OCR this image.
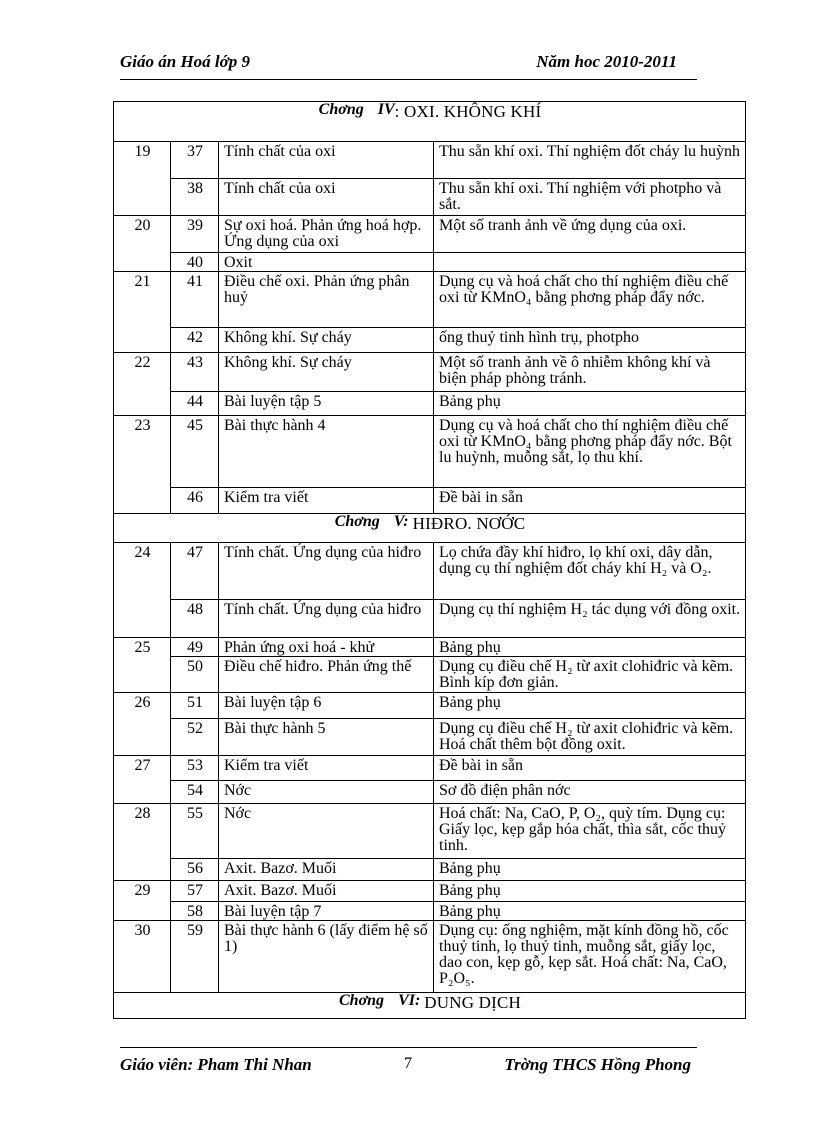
Giáo án Hoá lớp 9	Năm hoc 2010-2011
Chơng IV: OXI. KHÔNG KHÍ			
19	37	Tính chất của oxi	Thu sẵn khí oxi. Thí nghiệm đốt cháy lu huỳnh
	38	Tính chất của oxi	Thu sẵn khí oxi. Thí nghiệm với photpho và sắt.
20	39	Sự oxi hoá. Phản ứng hoá hợp. Ứng dụng của oxi	Một số tranh ảnh về ứng dụng của oxi.
	40	Oxit	
21	41	Điều chế oxi. Phản ứng phân huỷ	Dụng cụ và hoá chất cho thí nghiệm điều chế oxi từ KMnO₄ bằng phơng pháp đẩy nớc.
	42	Không khí. Sự cháy	ống thuỷ tinh hình trụ, photpho
22	43	Không khí. Sự cháy	Một số tranh ảnh về ô nhiễm không khí và biện pháp phòng tránh.
	44	Bài luyện tập 5	Bảng phụ
23	45	Bài thực hành 4	Dụng cụ và hoá chất cho thí nghiệm điều chế oxi từ KMnO₄ bằng phơng pháp đẩy nớc. Bột lu huỳnh, muỗng sắt, lọ thu khí.
	46	Kiểm tra viết	Đề bài in sẵn
Chơng V: HIĐRO. NƠỚC			
24	47	Tính chất. Ứng dụng của hiđro	Lọ chứa đầy khí hiđro, lọ khí oxi, dây dẫn, dụng cụ thí nghiệm đốt cháy khí H₂ và O₂.
	48	Tính chất. Ứng dụng của hiđro	Dụng cụ thí nghiệm H₂ tác dụng với đồng oxit.
25	49	Phản ứng oxi hoá - khử	Bảng phụ
	50	Điều chế hiđro. Phản ứng thế	Dụng cụ điều chế H₂ từ axit clohiđric và kẽm. Bình kíp đơn giản.
26	51	Bài luyện tập 6	Bảng phụ
	52	Bài thực hành 5	Dụng cụ điều chế H₂ từ axit clohiđric và kẽm. Hoá chất thêm bột đồng oxit.
27	53	Kiểm tra viết	Đề bài in sẵn
	54	Nớc	Sơ đồ điện phân nớc
28	55	Nớc	Hoá chất: Na, CaO, P, O₂, quỳ tím. Dụng cụ: Giấy lọc, kẹp gắp hóa chất, thìa sắt, cốc thuỷ tinh.
	56	Axit. Bazơ. Muối	Bảng phụ
29	57	Axit. Bazơ. Muối	Bảng phụ
	58	Bài luyện tập 7	Bảng phụ
30	59	Bài thực hành 6 (lấy điểm hệ số 1)	Dụng cụ: ống nghiệm, mặt kính đồng hồ, cốc thuỷ tinh, lọ thuỷ tinh, muỗng sắt, giấy lọc, dao con, kẹp gỗ, kẹp sắt. Hoá chất: Na, CaO, P₂O₅.
Chơng VI: DUNG DỊCH			
Giáo viên: Pham Thi Nhan	7	Trờng THCS Hồng Phong
